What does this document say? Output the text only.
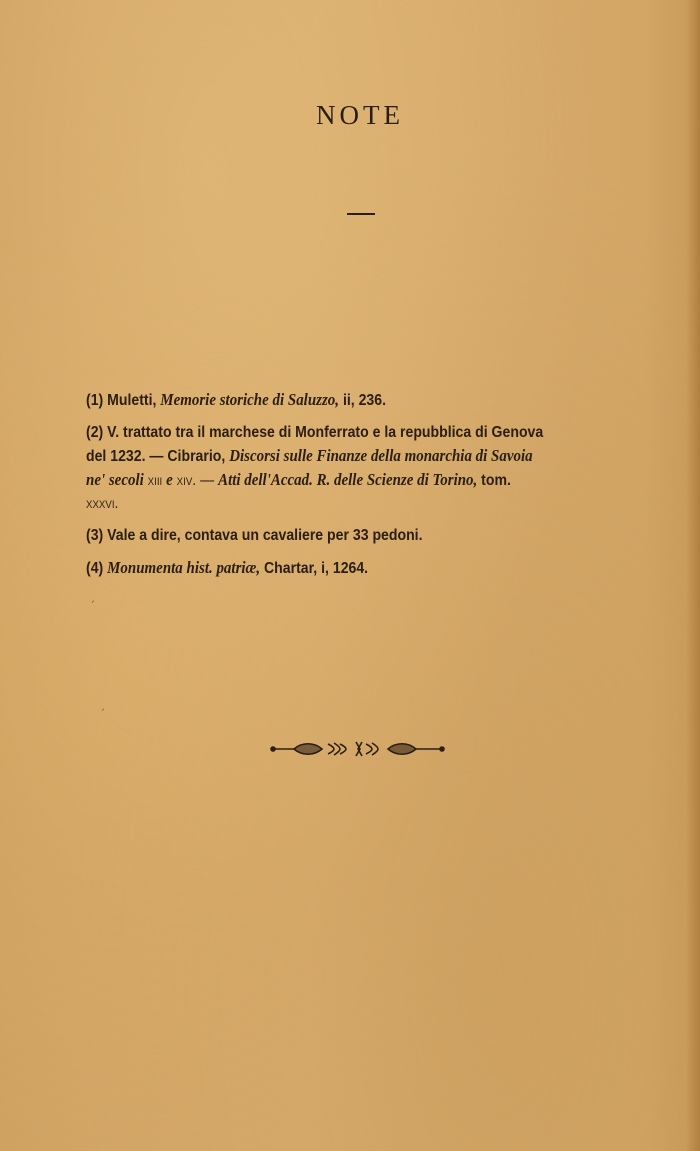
NOTE
(1) Muletti, Memorie storiche di Saluzzo, ii, 236.
(2) V. trattato tra il marchese di Monferrato e la repubblica di Genova
del 1232. — Cibrario, Discorsi sulle Finanze della monarchia di Savoia
ne' secoli xiii e xiv. — Atti dell'Accad. R. delle Scienze di Torino, tom.
xxxvi.
(3) Vale a dire, contava un cavaliere per 33 pedoni.
(4) Monumenta hist. patriæ, Chartar, i, 1264.
ˏ
ˏ
